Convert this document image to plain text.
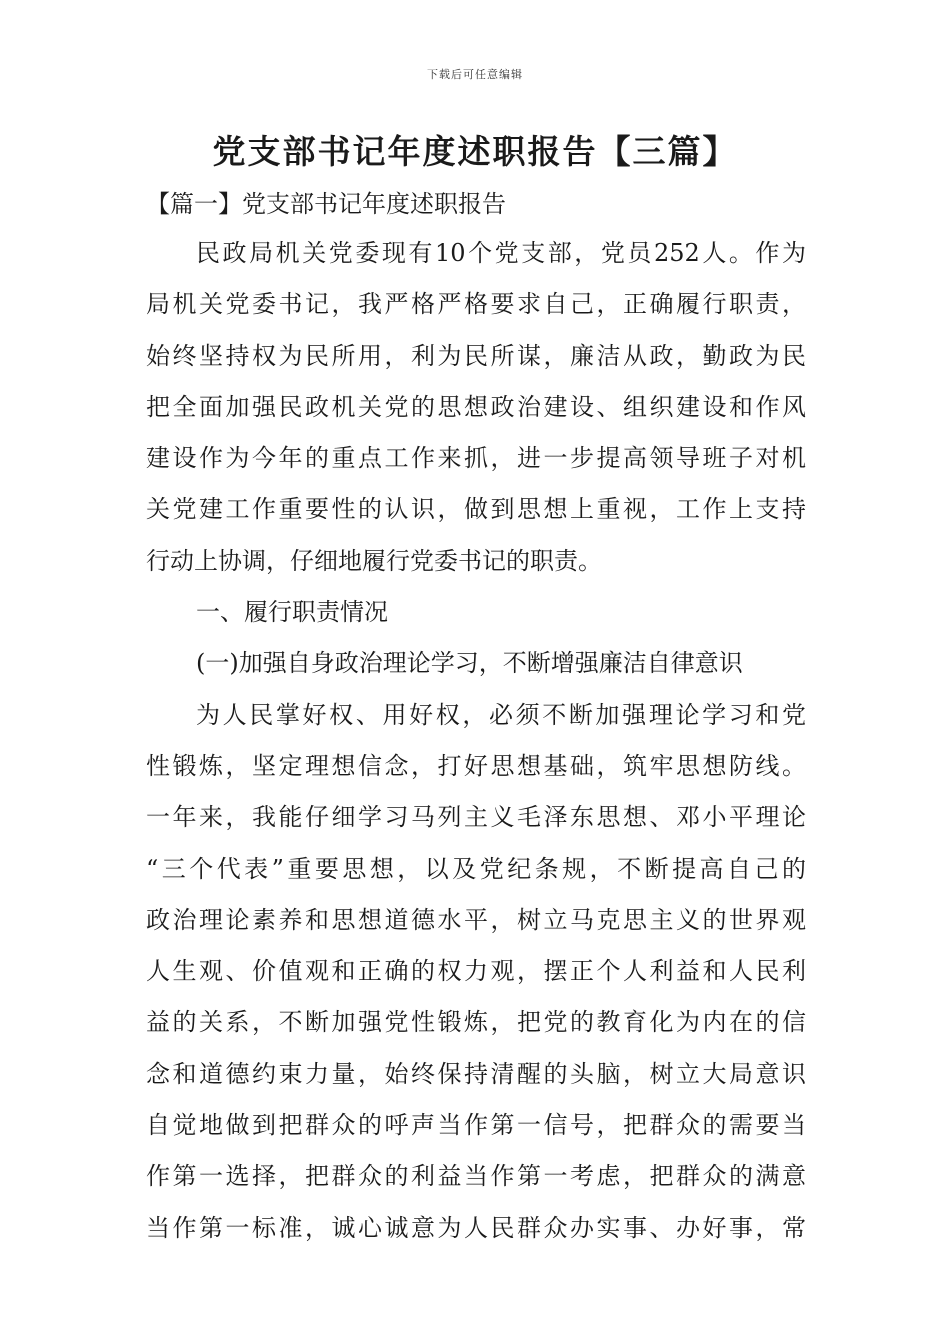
下载后可任意编辑
党支部书记年度述职报告【三篇】
【篇一】党支部书记年度述职报告
民政局机关党委现有10个党支部，党员252人。作为
局机关党委书记，我严格严格要求自己，正确履行职责，
始终坚持权为民所用，利为民所谋，廉洁从政，勤政为民
把全面加强民政机关党的思想政治建设、组织建设和作风
建设作为今年的重点工作来抓，进一步提高领导班子对机
关党建工作重要性的认识，做到思想上重视，工作上支持
行动上协调，仔细地履行党委书记的职责。
一、履行职责情况
(一)加强自身政治理论学习，不断增强廉洁自律意识
为人民掌好权、用好权，必须不断加强理论学习和党
性锻炼，坚定理想信念，打好思想基础，筑牢思想防线。
一年来，我能仔细学习马列主义毛泽东思想、邓小平理论
“三个代表”重要思想，以及党纪条规，不断提高自己的
政治理论素养和思想道德水平，树立马克思主义的世界观
人生观、价值观和正确的权力观，摆正个人利益和人民利
益的关系，不断加强党性锻炼，把党的教育化为内在的信
念和道德约束力量，始终保持清醒的头脑，树立大局意识
自觉地做到把群众的呼声当作第一信号，把群众的需要当
作第一选择，把群众的利益当作第一考虑，把群众的满意
当作第一标准，诚心诚意为人民群众办实事、办好事，常
